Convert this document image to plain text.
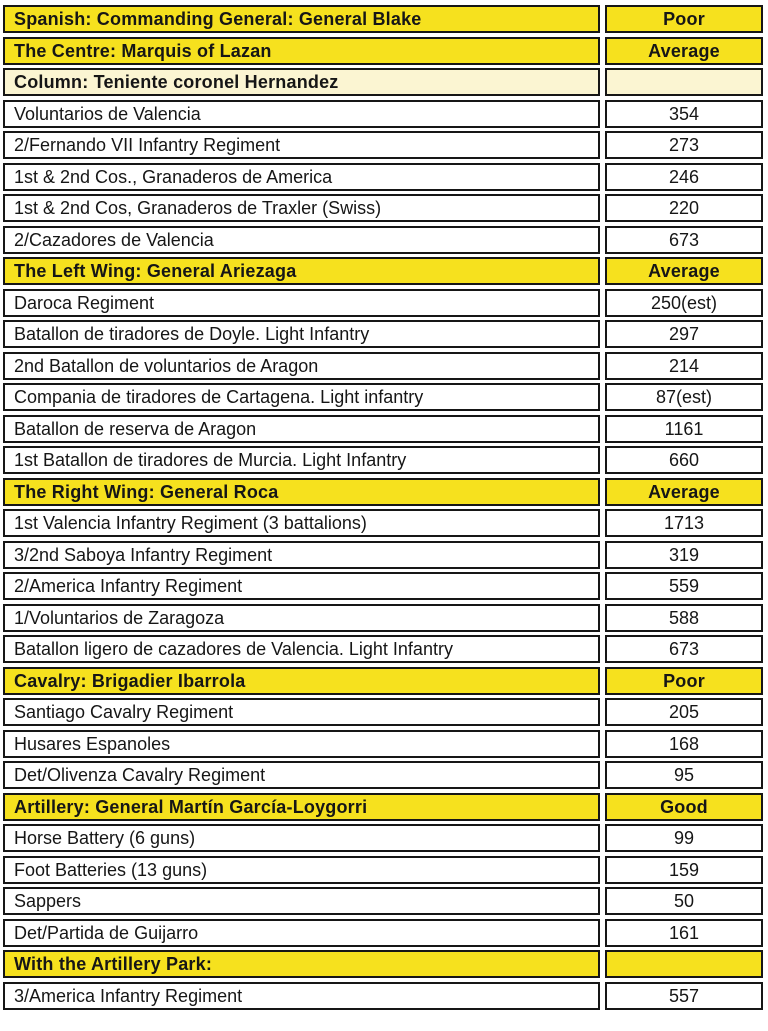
Spanish: Commanding General: General Blake	Poor
The Centre: Marquis of Lazan	Average
Column: Teniente coronel Hernandez
Voluntarios de Valencia	354
2/Fernando VII Infantry Regiment	273
1st & 2nd Cos., Granaderos de America	246
1st & 2nd Cos, Granaderos de Traxler (Swiss)	220
2/Cazadores de Valencia	673
The Left Wing: General Ariezaga	Average
Daroca Regiment	250(est)
Batallon de tiradores de Doyle. Light Infantry	297
2nd Batallon de voluntarios de Aragon	214
Compania de tiradores de Cartagena. Light infantry	87(est)
Batallon de reserva de Aragon	1161
1st Batallon de tiradores de Murcia. Light Infantry	660
The Right Wing: General Roca	Average
1st Valencia Infantry Regiment (3 battalions)	1713
3/2nd Saboya Infantry Regiment	319
2/America Infantry Regiment	559
1/Voluntarios de Zaragoza	588
Batallon ligero de cazadores de Valencia. Light Infantry	673
Cavalry: Brigadier Ibarrola	Poor
Santiago Cavalry Regiment	205
Husares Espanoles	168
Det/Olivenza Cavalry Regiment	95
Artillery: General Martín García-Loygorri	Good
Horse Battery (6 guns)	99
Foot Batteries (13 guns)	159
Sappers	50
Det/Partida de Guijarro	161
With the Artillery Park:
3/America Infantry Regiment	557
